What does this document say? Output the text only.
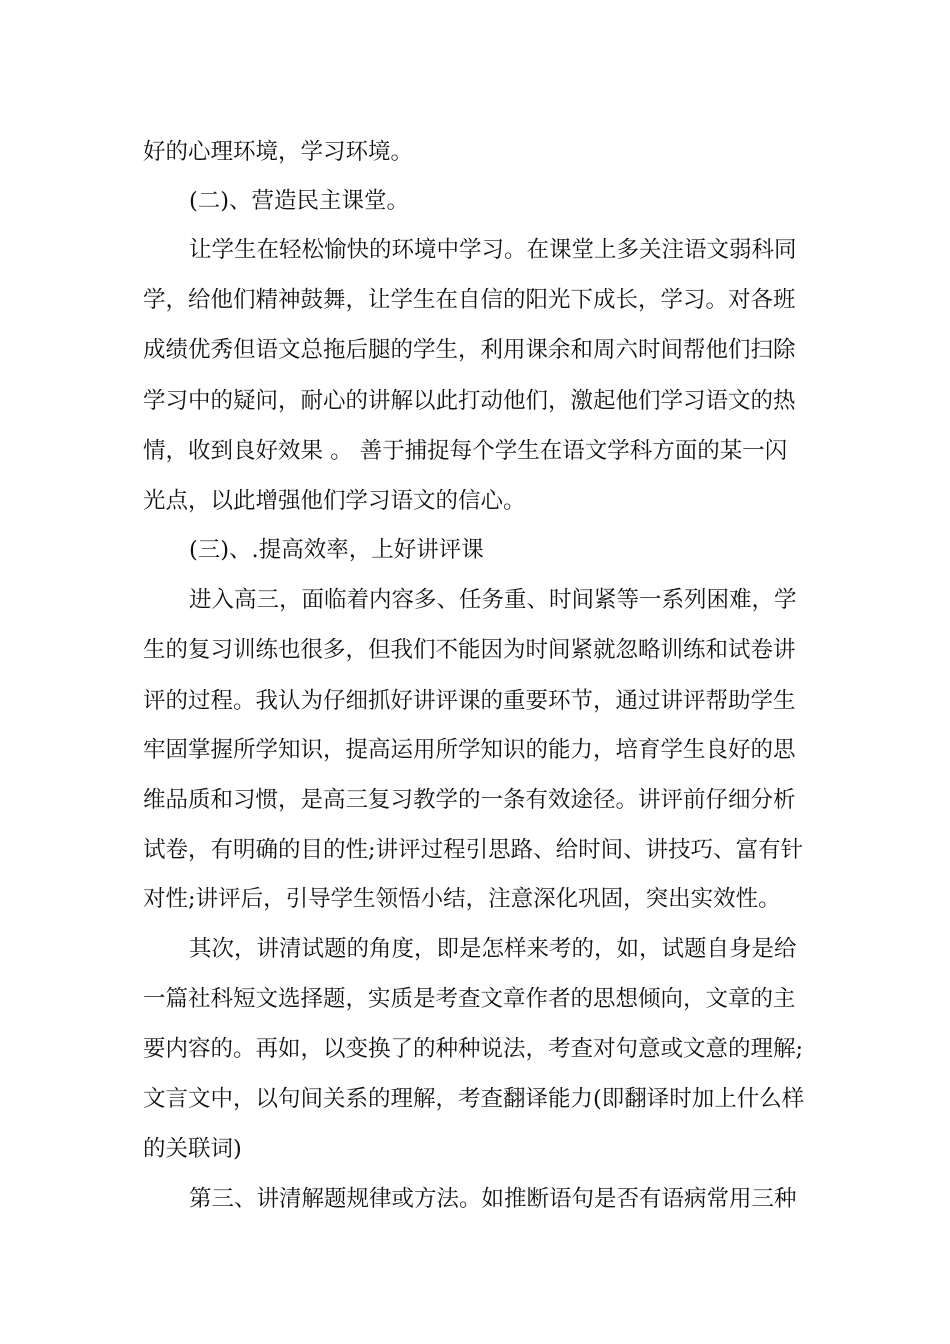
好的心理环境，学习环境。
(二)、营造民主课堂。
让学生在轻松愉快的环境中学习。在课堂上多关注语文弱科同
学，给他们精神鼓舞，让学生在自信的阳光下成长，学习。对各班
成绩优秀但语文总拖后腿的学生，利用课余和周六时间帮他们扫除
学习中的疑问，耐心的讲解以此打动他们，激起他们学习语文的热
情，收到良好效果 。 善于捕捉每个学生在语文学科方面的某一闪
光点，以此增强他们学习语文的信心。
(三)、.提高效率，上好讲评课
进入高三，面临着内容多、任务重、时间紧等一系列困难，学
生的复习训练也很多，但我们不能因为时间紧就忽略训练和试卷讲
评的过程。我认为仔细抓好讲评课的重要环节，通过讲评帮助学生
牢固掌握所学知识，提高运用所学知识的能力，培育学生良好的思
维品质和习惯，是高三复习教学的一条有效途径。讲评前仔细分析
试卷，有明确的目的性;讲评过程引思路、给时间、讲技巧、富有针
对性;讲评后，引导学生领悟小结，注意深化巩固，突出实效性。
其次，讲清试题的角度，即是怎样来考的，如，试题自身是给
一篇社科短文选择题，实质是考查文章作者的思想倾向，文章的主
要内容的。再如，以变换了的种种说法，考查对句意或文意的理解;
文言文中，以句间关系的理解，考查翻译能力(即翻译时加上什么样
的关联词)
第三、讲清解题规律或方法。如推断语句是否有语病常用三种
